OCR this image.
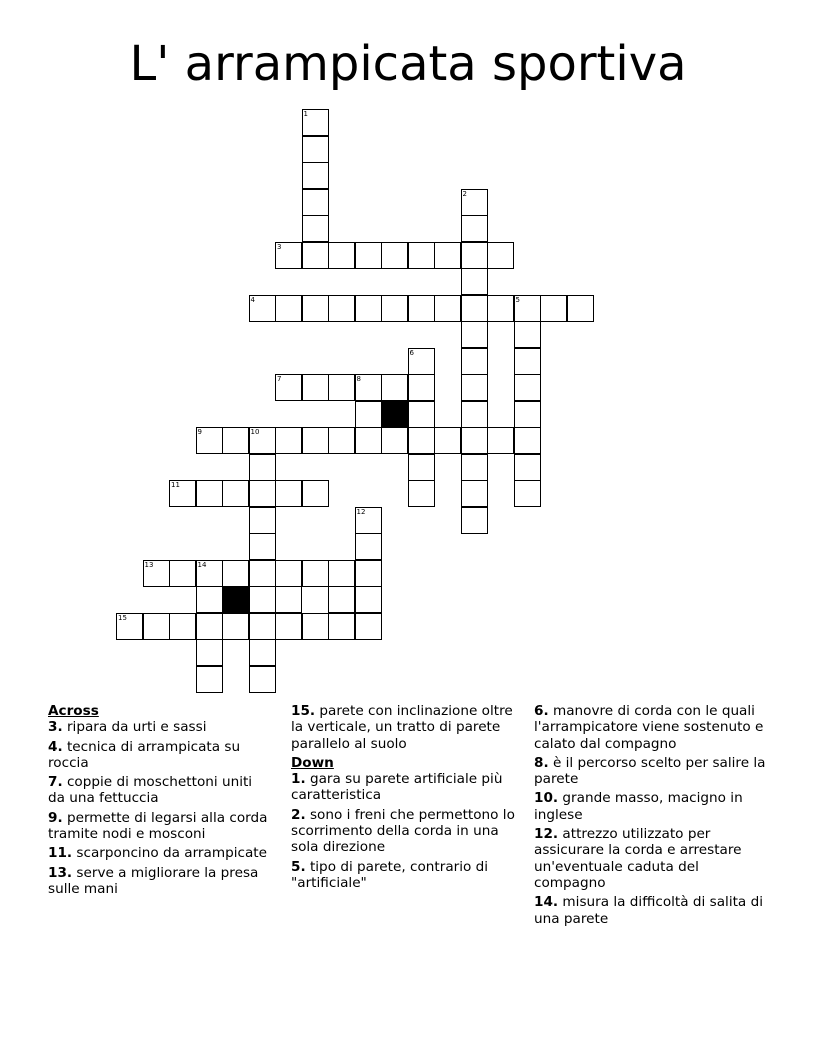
L' arrampicata sportiva
1
2
3
4	5
6
7	8
9	10
11
12
13	14
15
Across
3. ripara da urti e sassi
4. tecnica di arrampicata su roccia
7. coppie di moschettoni uniti da una fettuccia
9. permette di legarsi alla corda tramite nodi e mosconi
11. scarponcino da arrampicate
13. serve a migliorare la presa sulle mani
15. parete con inclinazione oltre la verticale, un tratto di parete parallelo al suolo
Down
1. gara su parete artificiale più caratteristica
2. sono i freni che permettono lo scorrimento della corda in una sola direzione
5. tipo di parete, contrario di "artificiale"
6. manovre di corda con le quali l'arrampicatore viene sostenuto e calato dal compagno
8. è il percorso scelto per salire la parete
10. grande masso, macigno in inglese
12. attrezzo utilizzato per assicurare la corda e arrestare un'eventuale caduta del compagno
14. misura la difficoltà di salita di una parete
